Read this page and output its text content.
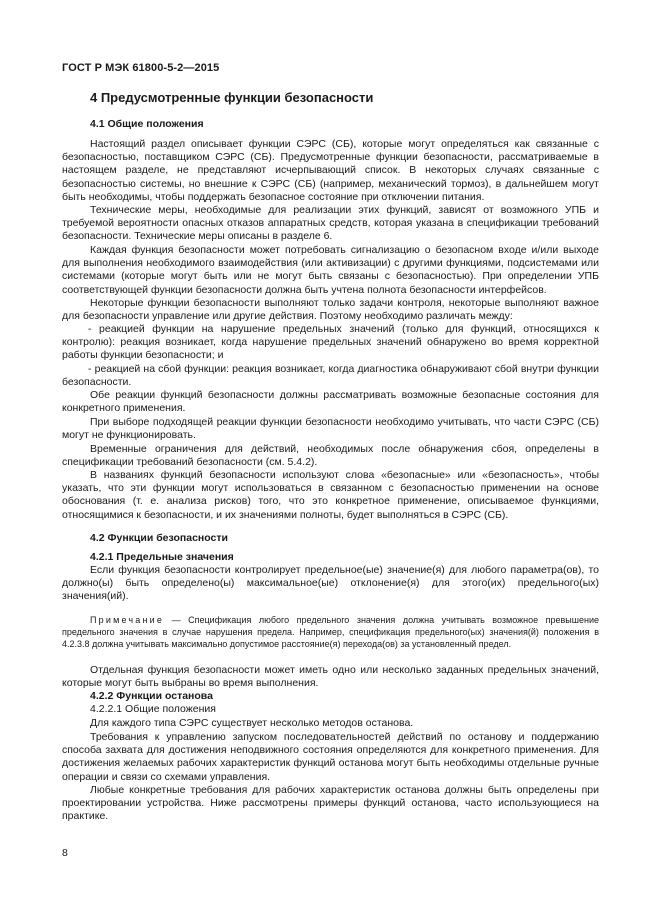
ГОСТ Р МЭК 61800-5-2—2015
4 Предусмотренные функции безопасности
4.1 Общие положения

Настоящий раздел описывает функции СЭРС (СБ), которые могут определяться как связанные с безопасностью, поставщиком СЭРС (СБ). Предусмотренные функции безопасности, рассматриваемые в настоящем разделе, не представляют исчерпывающий список. В некоторых случаях связанные с безопасностью системы, но внешние к СЭРС (СБ) (например, механический тормоз), в дальнейшем могут быть необходимы, чтобы поддержать безопасное состояние при отключении питания.

Технические меры, необходимые для реализации этих функций, зависят от возможного УПБ и требуемой вероятности опасных отказов аппаратных средств, которая указана в спецификации требований безопасности. Технические меры описаны в разделе 6.

Каждая функция безопасности может потребовать сигнализацию о безопасном входе и/или выходе для выполнения необходимого взаимодействия (или активизации) с другими функциями, подсистемами или системами (которые могут быть или не могут быть связаны с безопасностью). При определении УПБ соответствующей функции безопасности должна быть учтена полнота безопасности интерфейсов.

Некоторые функции безопасности выполняют только задачи контроля, некоторые выполняют важное для безопасности управление или другие действия. Поэтому необходимо различать между:

- реакцией функции на нарушение предельных значений (только для функций, относящихся к контролю): реакция возникает, когда нарушение предельных значений обнаружено во время корректной работы функции безопасности; и

- реакцией на сбой функции: реакция возникает, когда диагностика обнаруживают сбой внутри функции безопасности.

Обе реакции функций безопасности должны рассматривать возможные безопасные состояния для конкретного применения.

При выборе подходящей реакции функции безопасности необходимо учитывать, что части СЭРС (СБ) могут не функционировать.

Временные ограничения для действий, необходимых после обнаружения сбоя, определены в спецификации требований безопасности (см. 5.4.2).

В названиях функций безопасности используют слова «безопасные» или «безопасность», чтобы указать, что эти функции могут использоваться в связанном с безопасностью применении на основе обоснования (т. е. анализа рисков) того, что это конкретное применение, описываемое функциями, относящимися к безопасности, и их значениями полноты, будет выполняться в СЭРС (СБ).

4.2 Функции безопасности
4.2.1 Предельные значения

Если функция безопасности контролирует предельное(ые) значение(я) для любого параметра(ов), то должно(ы) быть определено(ы) максимальное(ые) отклонение(я) для этого(их) предельного(ых) значения(ий).

Примечание — Спецификация любого предельного значения должна учитывать возможное превышение предельного значения в случае нарушения предела. Например, спецификация предельного(ых) значения(й) положения в 4.2.3.8 должна учитывать максимально допустимое расстояние(я) перехода(ов) за установленный предел.

Отдельная функция безопасности может иметь одно или несколько заданных предельных значений, которые могут быть выбраны во время выполнения.

4.2.2 Функции останова
4.2.2.1 Общие положения

Для каждого типа СЭРС существует несколько методов останова.

Требования к управлению запуском последовательностей действий по останову и поддержанию способа захвата для достижения неподвижного состояния определяются для конкретного применения. Для достижения желаемых рабочих характеристик функций останова могут быть необходимы отдельные ручные операции и связи со схемами управления.

Любые конкретные требования для рабочих характеристик останова должны быть определены при проектировании устройства. Ниже рассмотрены примеры функций останова, часто использующиеся на практике.

8
